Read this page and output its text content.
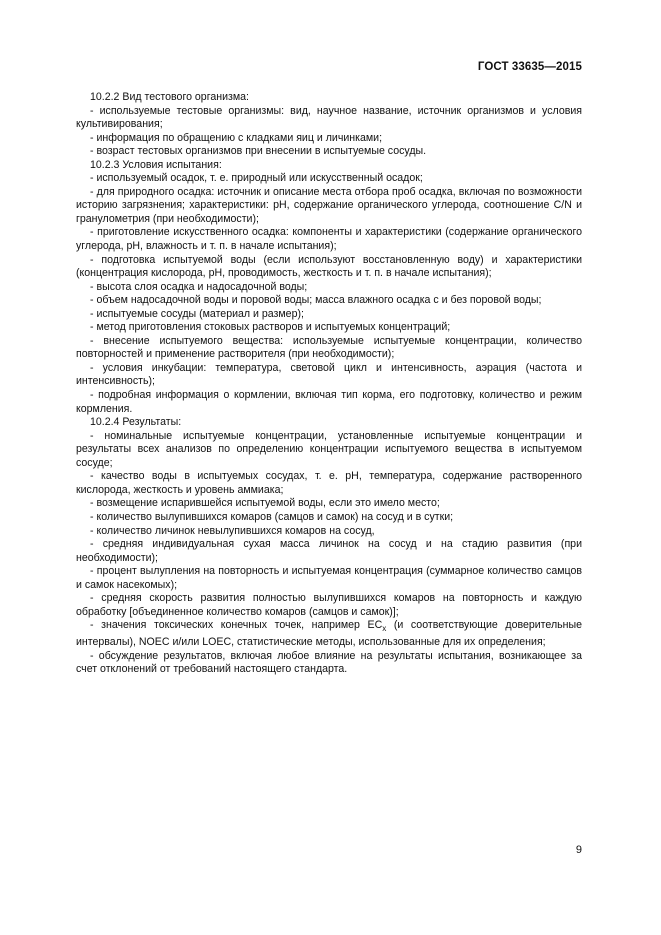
ГОСТ 33635—2015

10.2.2 Вид тестового организма:

- используемые тестовые организмы: вид, научное название, источник организмов и условия культивирования;

- информация по обращению с кладками яиц и личинками;

- возраст тестовых организмов при внесении в испытуемые сосуды.

10.2.3 Условия испытания:

- используемый осадок, т. е. природный или искусственный осадок;

- для природного осадка: источник и описание места отбора проб осадка, включая по возможности историю загрязнения; характеристики: pH, содержание органического углерода, соотношение C/N и гранулометрия (при необходимости);

- приготовление искусственного осадка: компоненты и характеристики (содержание органического углерода, pH, влажность и т. п. в начале испытания);

- подготовка испытуемой воды (если используют восстановленную воду) и характеристики (концентрация кислорода, pH, проводимость, жесткость и т. п. в начале испытания);

- высота слоя осадка и надосадочной воды;

- объем надосадочной воды и поровой воды; масса влажного осадка с и без поровой воды;

- испытуемые сосуды (материал и размер);

- метод приготовления стоковых растворов и испытуемых концентраций;

- внесение испытуемого вещества: используемые испытуемые концентрации, количество повторностей и применение растворителя (при необходимости);

- условия инкубации: температура, световой цикл и интенсивность, аэрация (частота и интенсивность);

- подробная информация о кормлении, включая тип корма, его подготовку, количество и режим кормления.

10.2.4 Результаты:

- номинальные испытуемые концентрации, установленные испытуемые концентрации и результаты всех анализов по определению концентрации испытуемого вещества в испытуемом сосуде;

- качество воды в испытуемых сосудах, т. е. pH, температура, содержание растворенного кислорода, жесткость и уровень аммиака;

- возмещение испарившейся испытуемой воды, если это имело место;

- количество вылупившихся комаров (самцов и самок) на сосуд и в сутки;

- количество личинок невылупившихся комаров на сосуд,

- средняя индивидуальная сухая масса личинок на сосуд и на стадию развития (при необходимости);

- процент вылупления на повторность и испытуемая концентрация (суммарное количество самцов и самок насекомых);

- средняя скорость развития полностью вылупившихся комаров на повторность и каждую обработку [объединенное количество комаров (самцов и самок)];

- значения токсических конечных точек, например $EC_x$ (и соответствующие доверительные интервалы), NOEC и/или LOEC, статистические методы, использованные для их определения;

- обсуждение результатов, включая любое влияние на результаты испытания, возникающее за счет отклонений от требований настоящего стандарта.

9
